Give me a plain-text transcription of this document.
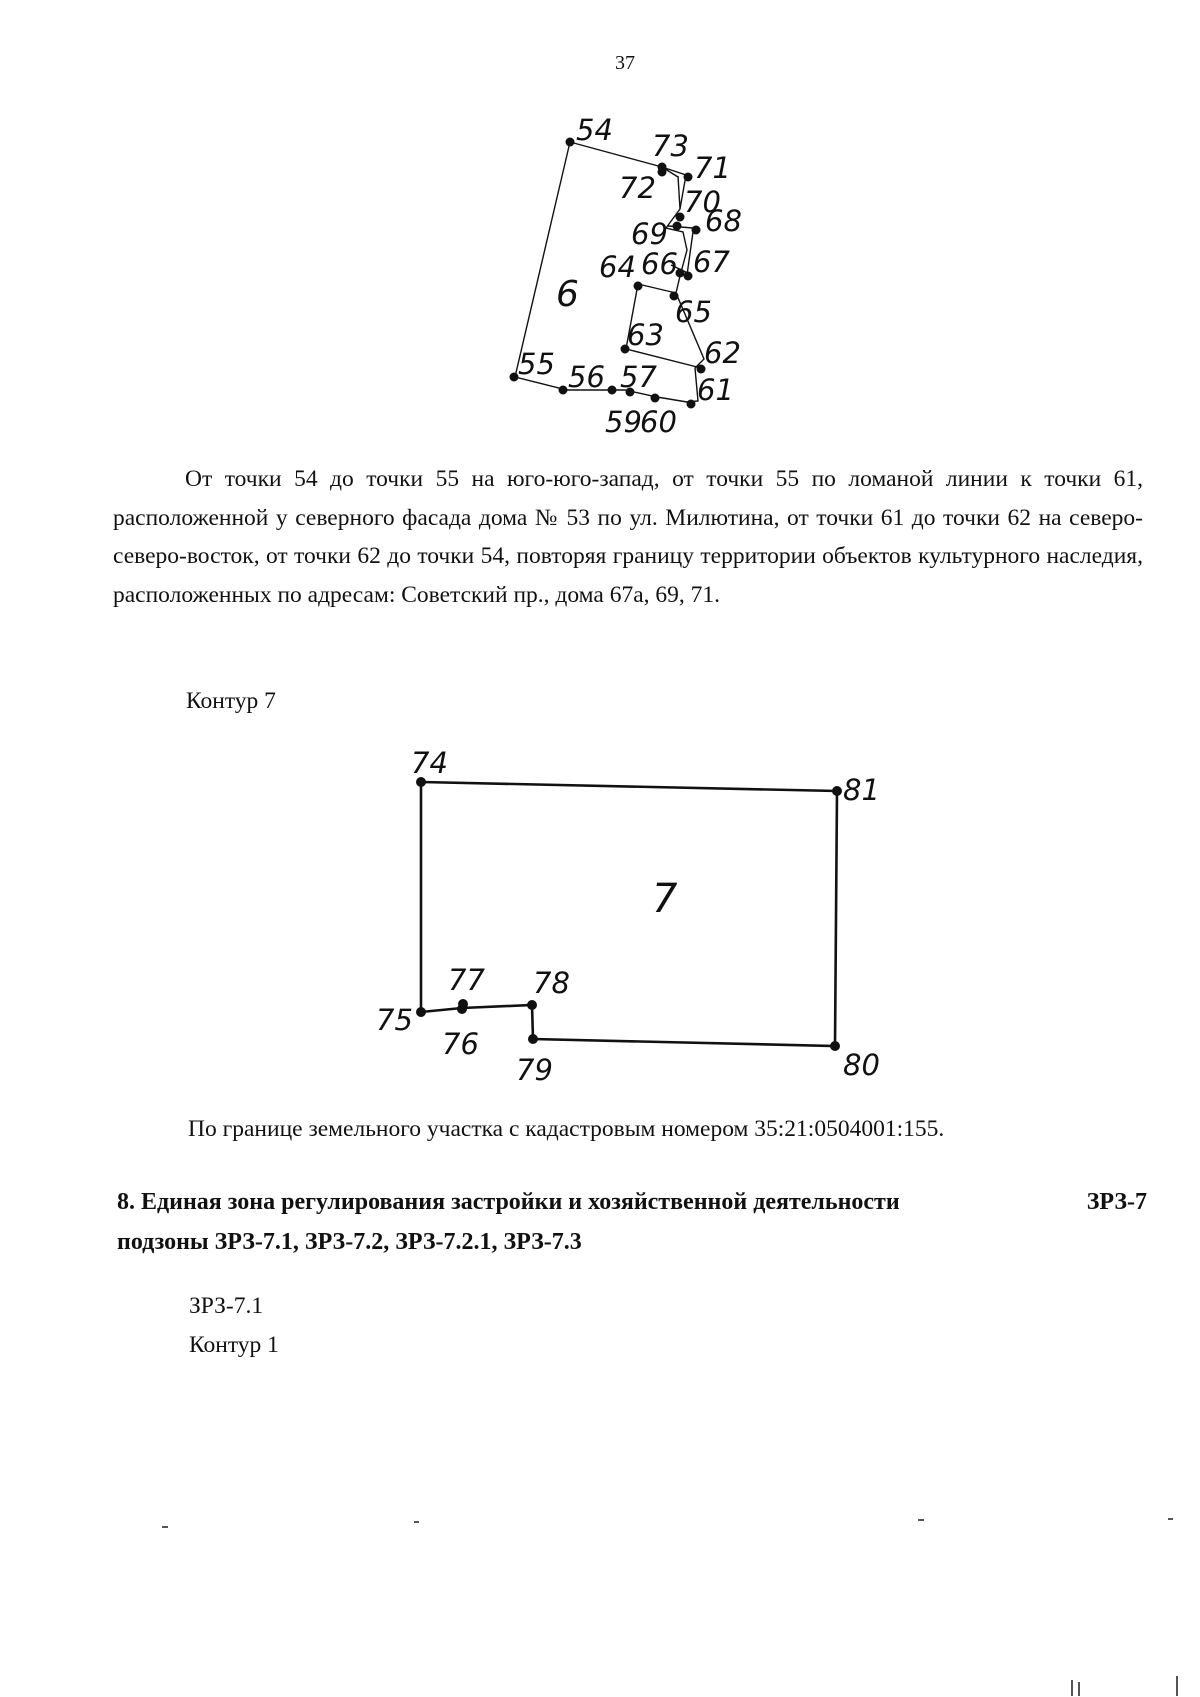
37
54 73
71
72 70
69 68
64 66 67
6	65
63
62
55 56 57 61
59
60

От точки 54 до точки 55 на юго-юго-запад, от точки 55 по ломаной линии к точки 61, расположенной у северного фасада дома № 53 по ул. Милютина, от точки 61 до точки 62 на северо-северо-восток, от точки 62 до точки 54, повторяя границу территории объектов культурного наследия, расположенных по адресам: Советский пр., дома 67а, 69, 71.

Контур 7
74
81
7
77 78
75
76
79	80
По границе земельного участка с кадастровым номером 35:21:0504001:155.
8. Единая зона регулирования застройки и хозяйственной деятельности	ЗРЗ-7
подзоны ЗРЗ-7.1, ЗРЗ-7.2, ЗРЗ-7.2.1, ЗРЗ-7.3
ЗРЗ-7.1
Контур 1
